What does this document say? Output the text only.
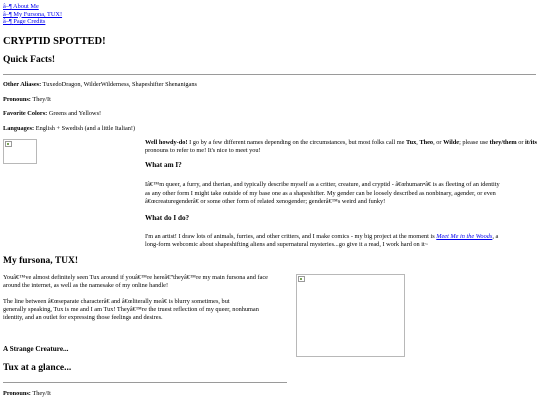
â–¶ About Me
â–¶ My Fursona, TUX!
â–¶ Page Credits
CRYPTID SPOTTED!
Quick Facts!
Other Aliases: TuxedoDragon, WilderWilderness, Shapeshifter Shenanigans
Pronouns: They/It
Favorite Colors: Greens and Yellows!
Languages: English + Swedish (and a little Italian!)
Well howdy-do! I go by a few different names depending on the circumstances, but most folks call me Tux, Theo, or Wilde; please use they/them or it/its pronouns to refer to me! It's nice to meet you!
What am I?
Iâ€™m queer, a furry, and therian, and typically describe myself as a critter, creature, and cryptid - â€œhuman•â€ is as fleeting of an identity
as any other form I might take outside of my base one as a shapeshifter. My gender can be loosely described as nonbinary, agender, or even
â€œcreaturegenderâ€ or some other form of related xenogender; genderâ€™s weird and funky!
What do I do?
I'm an artist! I draw lots of animals, furries, and other critters, and I make comics - my big project at the moment is Meet Me in the Woods, a
long-form webcomic about shapeshifting aliens and supernatural mysteries...go give it a read, I work hard on it~
My fursona, TUX!
Youâ€™ve almost definitely seen Tux around if youâ€™re hereâ€”theyâ€™re my main fursona and face
around the internet, as well as the namesake of my online handle!
The line between â€œseparate characterâ€ and â€œliterally meâ€ is blurry sometimes, but
generally speaking, Tux is me and I am Tux! Theyâ€™re the truest reflection of my queer, nonhuman
identity, and an outlet for expressing those feelings and desires.
A Strange Creature...
Tux at a glance...
Pronouns: They/It
